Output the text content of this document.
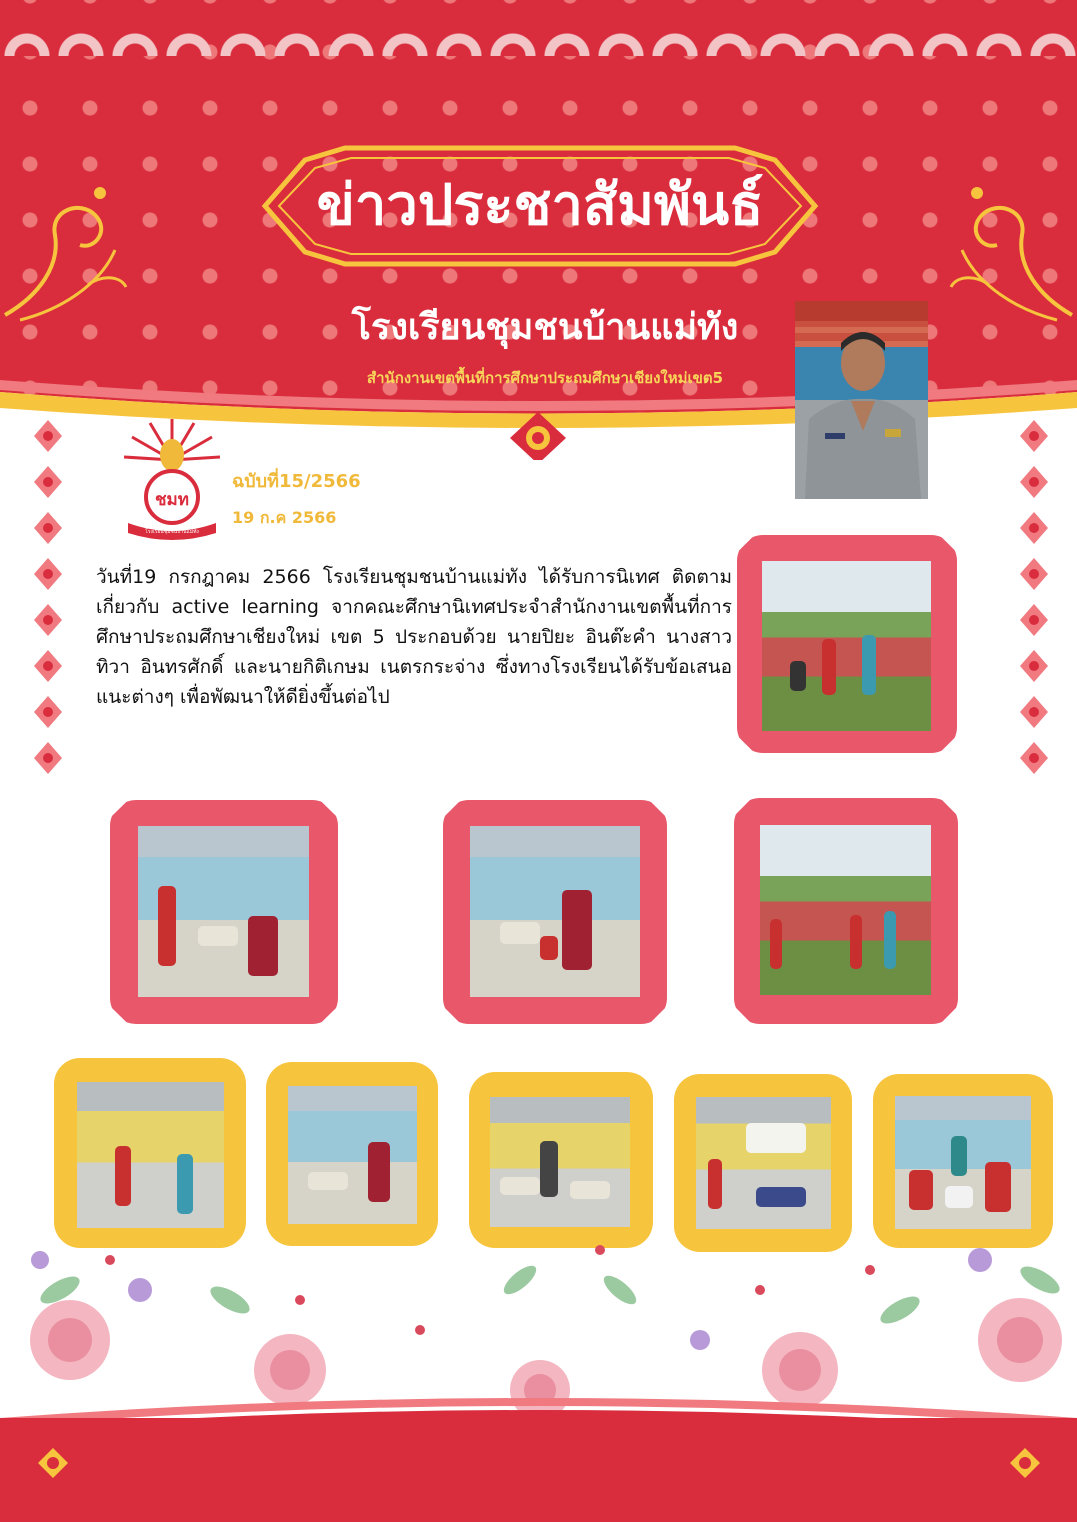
ข่าวประชาสัมพันธ์
โรงเรียนชุมชนบ้านแม่ทัง
สำนักงานเขตพื้นที่การศึกษาประถมศึกษาเชียงใหม่เขต5
ชมท
โรงเรียนชุมชนบ้านแม่ทัง
ฉบับที่15/2566
19 ก.ค 2566
วันที่19 กรกฎาคม 2566 โรงเรียนชุมชนบ้านแม่ทัง ได้รับการนิเทศ ติดตามเกี่ยวกับ active learning จากคณะศึกษานิเทศประจำสำนักงานเขตพื้นที่การศึกษาประถมศึกษาเชียงใหม่ เขต 5 ประกอบด้วย นายปิยะ อินต๊ะคำ นางสาวทิวา อินทรศักดิ์ และนายกิติเกษม เนตรกระจ่าง ซึ่งทางโรงเรียนได้รับข้อเสนอแนะต่างๆ เพื่อพัฒนาให้ดียิ่งขึ้นต่อไป
